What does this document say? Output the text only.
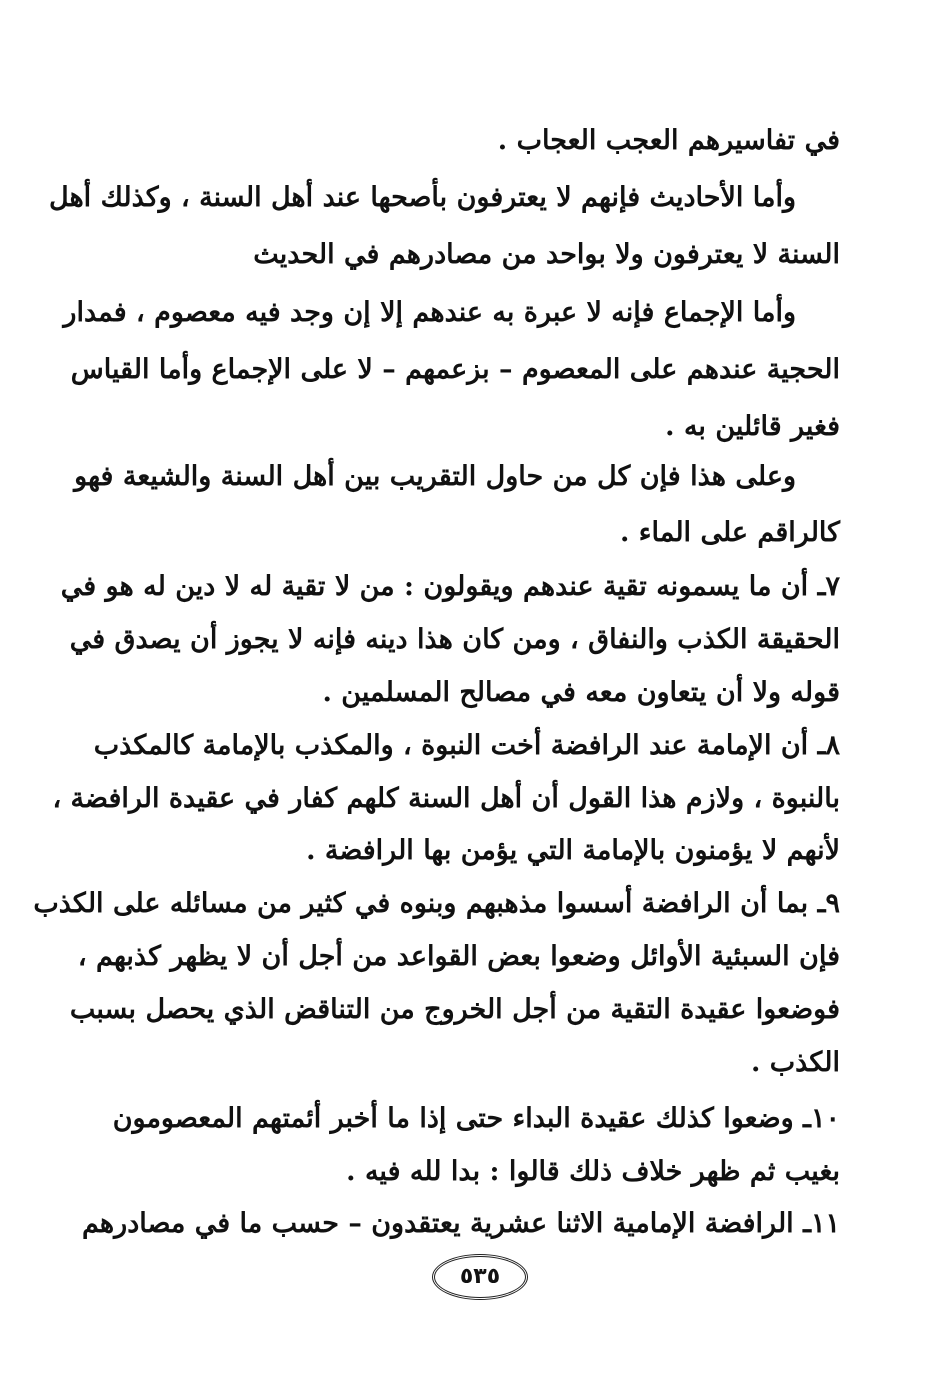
في تفاسيرهم العجب العجاب .
وأما الأحاديث فإنهم لا يعترفون بأصحها عند أهل السنة ، وكذلك أهل
السنة لا يعترفون ولا بواحد من مصادرهم في الحديث
وأما الإجماع فإنه لا عبرة به عندهم إلا إن وجد فيه معصوم ، فمدار
الحجية عندهم على المعصوم – بزعمهم – لا على الإجماع وأما القياس
فغير قائلين به .
وعلى هذا فإن كل من حاول التقريب بين أهل السنة والشيعة فهو
كالراقم على الماء .
٧ـ أن ما يسمونه تقية عندهم ويقولون : من لا تقية له لا دين له هو في
الحقيقة الكذب والنفاق ، ومن كان هذا دينه فإنه لا يجوز أن يصدق في
قوله ولا أن يتعاون معه في مصالح المسلمين .
٨ـ أن الإمامة عند الرافضة أخت النبوة ، والمكذب بالإمامة كالمكذب
بالنبوة ، ولازم هذا القول أن أهل السنة كلهم كفار في عقيدة الرافضة ،
لأنهم لا يؤمنون بالإمامة التي يؤمن بها الرافضة .
٩ـ بما أن الرافضة أسسوا مذهبهم وبنوه في كثير من مسائله على الكذب
فإن السبئية الأوائل وضعوا بعض القواعد من أجل أن لا يظهر كذبهم ،
فوضعوا عقيدة التقية من أجل الخروج من التناقض الذي يحصل بسبب
الكذب .
١٠ـ وضعوا كذلك عقيدة البداء حتى إذا ما أخبر أئمتهم المعصومون
بغيب ثم ظهر خلاف ذلك قالوا : بدا لله فيه .
١١ـ الرافضة الإمامية الاثنا عشرية يعتقدون – حسب ما في مصادرهم
٥٣٥
